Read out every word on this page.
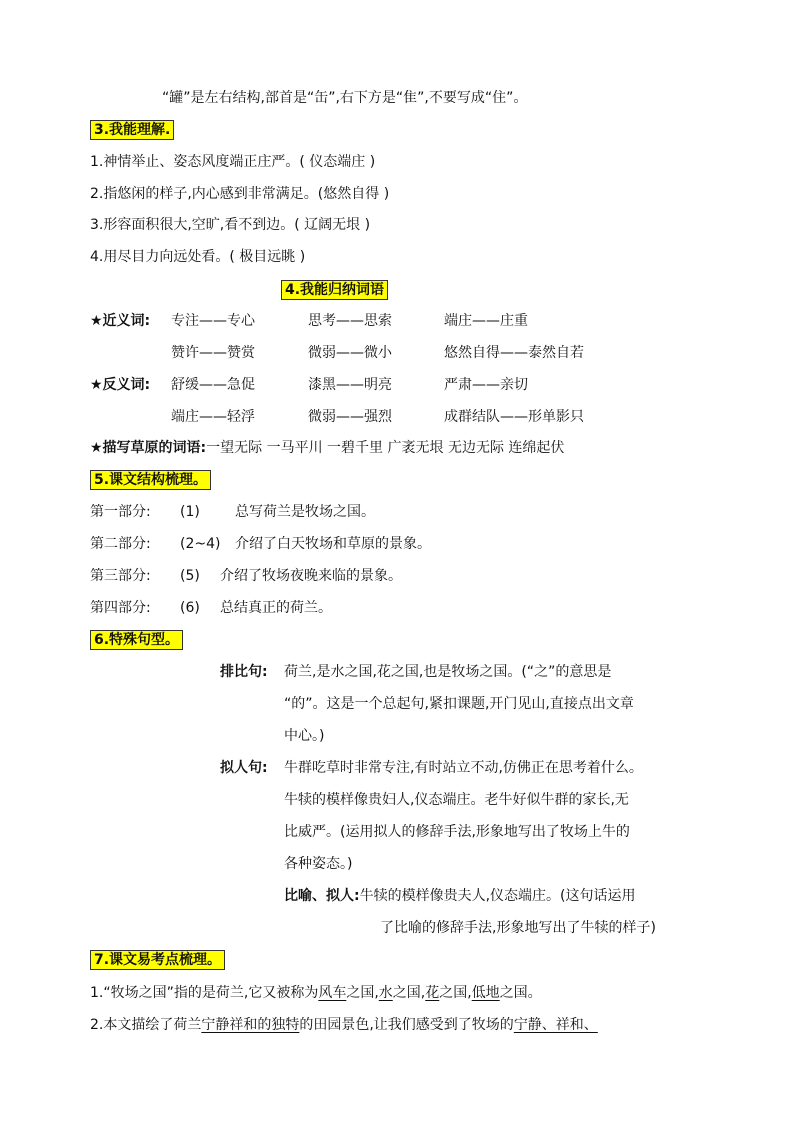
“罐”是左右结构,部首是“缶”,右下方是“隹”,不要写成“住”。
3.我能理解.
1.神情举止、姿态风度端正庄严。( 仪态端庄 )
2.指悠闲的样子,内心感到非常满足。(悠然自得 )
3.形容面积很大,空旷,看不到边。( 辽阔无垠 )
4.用尽目力向远处看。( 极目远眺 )
4.我能归纳词语
★近义词: 专注——专心	思考——思索	端庄——庄重
赞许——赞赏	微弱——微小	悠然自得——泰然自若
★反义词: 舒缓——急促	漆黑——明亮	严肃——亲切
端庄——轻浮	微弱——强烈	成群结队——形单影只
★描写草原的词语:一望无际 一马平川 一碧千里 广袤无垠 无边无际 连绵起伏
5.课文结构梳理。
第一部分: (1)	总写荷兰是牧场之国。
第二部分: (2~4) 介绍了白天牧场和草原的景象。
第三部分: (5) 介绍了牧场夜晚来临的景象。
第四部分: (6) 总结真正的荷兰。
6.特殊句型。
排比句: 荷兰,是水之国,花之国,也是牧场之国。(“之”的意思是
“的”。这是一个总起句,紧扣课题,开门见山,直接点出文章
中心。)
拟人句: 牛群吃草时非常专注,有时站立不动,仿佛正在思考着什么。
牛犊的模样像贵妇人,仪态端庄。老牛好似牛群的家长,无
比威严。(运用拟人的修辞手法,形象地写出了牧场上牛的
各种姿态。)
比喻、拟人:牛犊的模样像贵夫人,仪态端庄。(这句话运用
了比喻的修辞手法,形象地写出了牛犊的样子)
7.课文易考点梳理。
1.“牧场之国”指的是荷兰,它又被称为风车之国,水之国,花之国,低地之国。
2.本文描绘了荷兰宁静祥和的独特的田园景色,让我们感受到了牧场的宁静、祥和、
